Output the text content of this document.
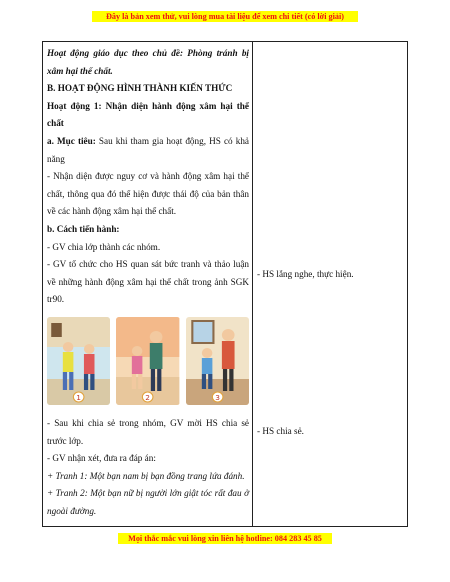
Đây là bản xem thử, vui lòng mua tài liệu để xem chi tiết (có lời giải)

Hoạt động giáo dục theo chủ đề: Phòng tránh bị xâm hại thể chất.

B. HOẠT ĐỘNG HÌNH THÀNH KIẾN THỨC

Hoạt động 1: Nhận diện hành động xâm hại thể chất

a. Mục tiêu: Sau khi tham gia hoạt động, HS có khả năng

- Nhận diện được nguy cơ và hành động xâm hại thể chất, thông qua đó thể hiện được thái độ của bản thân về các hành động xâm hại thể chất.

b. Cách tiến hành:

- GV chia lớp thành các nhóm.

- GV tổ chức cho HS quan sát bức tranh và thảo luận về những hành động xâm hại thể chất trong ảnh SGK tr90.

1	2	3

- Sau khi chia sẻ trong nhóm, GV mời HS chia sẻ trước lớp.

- GV nhận xét, đưa ra đáp án:

+ Tranh 1: Một bạn nam bị bạn đồng trang lứa đánh.

+ Tranh 2: Một bạn nữ bị người lớn giật tóc rất đau ở ngoài đường.

- HS lắng nghe, thực hiện.
- HS chia sẻ.
Mọi thắc mắc vui lòng xin liên hệ hotline: 084 283 45 85
